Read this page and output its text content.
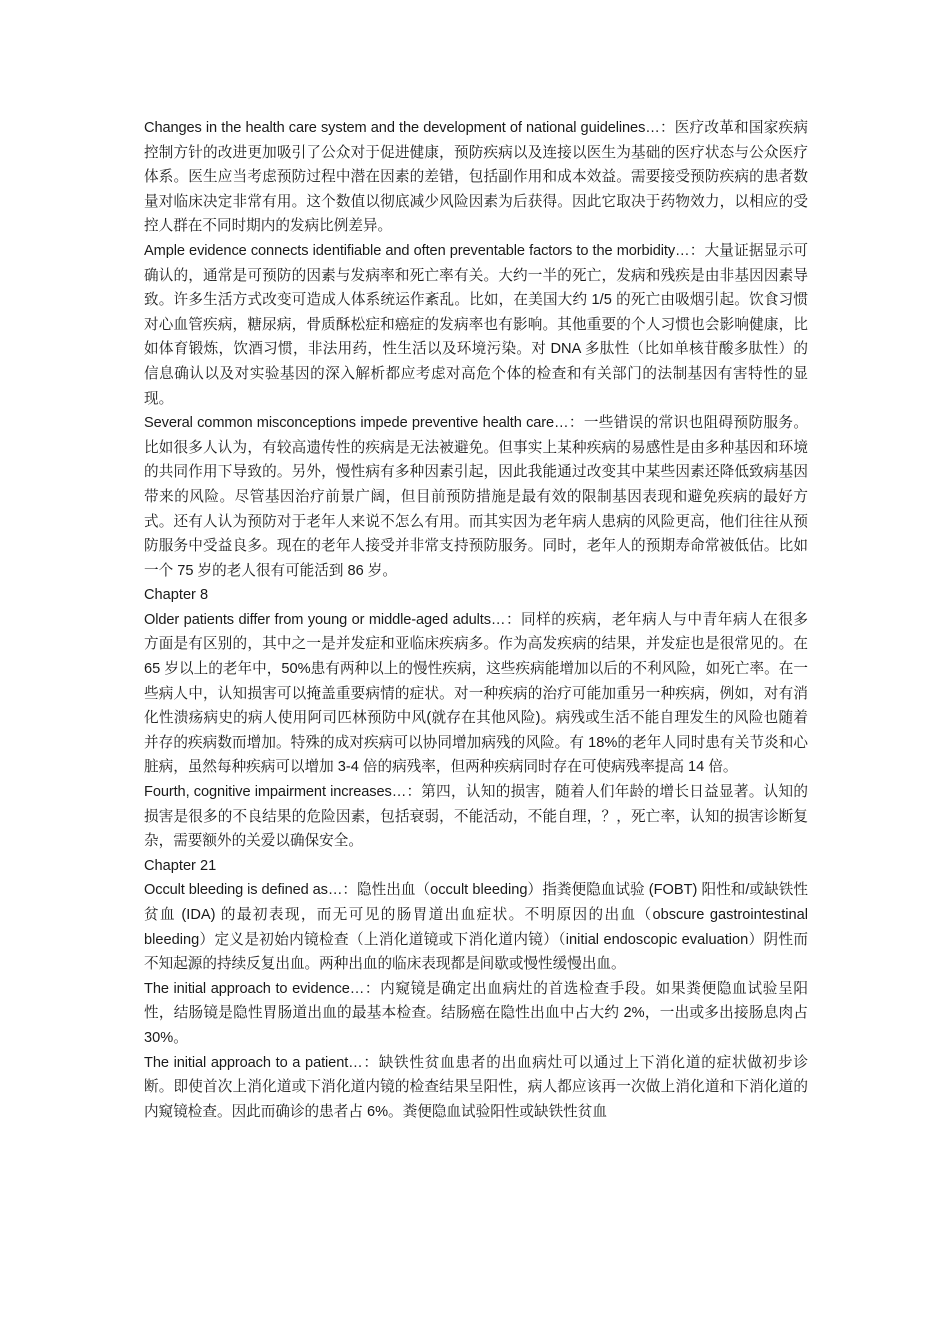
Changes in the health care system and the development of national guidelines…：医疗改革和国家疾病控制方针的改进更加吸引了公众对于促进健康，预防疾病以及连接以医生为基础的医疗状态与公众医疗体系。医生应当考虑预防过程中潜在因素的差错，包括副作用和成本效益。需要接受预防疾病的患者数量对临床决定非常有用。这个数值以彻底减少风险因素为后获得。因此它取决于药物效力，以相应的受控人群在不同时期内的发病比例差异。

Ample evidence connects identifiable and often preventable factors to the morbidity…：大量证据显示可确认的，通常是可预防的因素与发病率和死亡率有关。大约一半的死亡，发病和残疾是由非基因因素导致。许多生活方式改变可造成人体系统运作紊乱。比如，在美国大约 1/5 的死亡由吸烟引起。饮食习惯对心血管疾病，糖尿病，骨质酥松症和癌症的发病率也有影响。其他重要的个人习惯也会影响健康，比如体育锻炼，饮酒习惯，非法用药，性生活以及环境污染。对 DNA 多肽性（比如单核苷酸多肽性）的信息确认以及对实验基因的深入解析都应考虑对高危个体的检查和有关部门的法制基因有害特性的显现。

Several common misconceptions impede preventive health care…：一些错误的常识也阻碍预防服务。比如很多人认为，有较高遗传性的疾病是无法被避免。但事实上某种疾病的易感性是由多种基因和环境的共同作用下导致的。另外，慢性病有多种因素引起，因此我能通过改变其中某些因素还降低致病基因带来的风险。尽管基因治疗前景广阔，但目前预防措施是最有效的限制基因表现和避免疾病的最好方式。还有人认为预防对于老年人来说不怎么有用。而其实因为老年病人患病的风险更高，他们往往从预防服务中受益良多。现在的老年人接受并非常支持预防服务。同时，老年人的预期寿命常被低估。比如一个 75 岁的老人很有可能活到 86 岁。

Chapter 8

Older patients differ from young or middle-aged adults…：同样的疾病，老年病人与中青年病人在很多方面是有区别的，其中之一是并发症和亚临床疾病多。作为高发疾病的结果，并发症也是很常见的。在 65 岁以上的老年中，50%患有两种以上的慢性疾病，这些疾病能增加以后的不利风险，如死亡率。在一些病人中，认知损害可以掩盖重要病情的症状。对一种疾病的治疗可能加重另一种疾病，例如，对有消化性溃疡病史的病人使用阿司匹林预防中风(就存在其他风险)。病残或生活不能自理发生的风险也随着并存的疾病数而增加。特殊的成对疾病可以协同增加病残的风险。有 18%的老年人同时患有关节炎和心脏病，虽然每种疾病可以增加 3-4 倍的病残率，但两种疾病同时存在可使病残率提高 14 倍。

Fourth, cognitive impairment increases…：第四，认知的损害，随着人们年龄的增长日益显著。认知的损害是很多的不良结果的危险因素，包括衰弱，不能活动，不能自理，？，死亡率，认知的损害诊断复杂，需要额外的关爱以确保安全。

Chapter 21

Occult bleeding is defined as…：隐性出血（occult bleeding）指粪便隐血试验 (FOBT) 阳性和/或缺铁性贫血 (IDA) 的最初表现，而无可见的肠胃道出血症状。不明原因的出血（obscure gastrointestinal bleeding）定义是初始内镜检查（上消化道镜或下消化道内镜）（initial endoscopic evaluation）阴性而不知起源的持续反复出血。两种出血的临床表现都是间歇或慢性缓慢出血。

The initial approach to evidence…：内窥镜是确定出血病灶的首选检查手段。如果粪便隐血试验呈阳性，结肠镜是隐性胃肠道出血的最基本检查。结肠癌在隐性出血中占大约 2%，一出或多出接肠息肉占 30%。

The initial approach to a patient…：缺铁性贫血患者的出血病灶可以通过上下消化道的症状做初步诊断。即使首次上消化道或下消化道内镜的检查结果呈阳性，病人都应该再一次做上消化道和下消化道的内窥镜检查。因此而确诊的患者占 6%。粪便隐血试验阳性或缺铁性贫血
